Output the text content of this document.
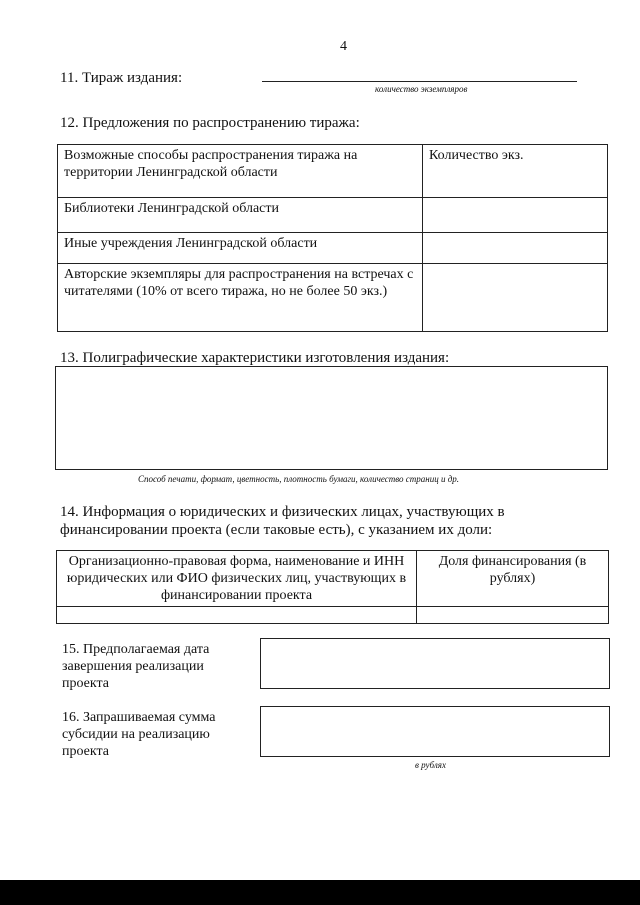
4
11. Тираж издания:
количество экземпляров
12. Предложения по распространению тиража:
Возможные способы распространения тиража на территории Ленинградской области	Количество экз.
Библиотеки Ленинградской области	
Иные учреждения Ленинградской области	
Авторские экземпляры для распространения на встречах с читателями (10% от всего тиража, но не более 50 экз.)	
13. Полиграфические характеристики изготовления издания:
Способ печати, формат, цветность, плотность бумаги, количество страниц и др.
14. Информация о юридических и физических лицах, участвующих в финансировании проекта (если таковые есть), с указанием их доли:
Организационно-правовая форма, наименование и ИНН юридических или ФИО физических лиц, участвующих в финансировании проекта	Доля финансирования (в рублях)

15. Предполагаемая дата завершения реализации проекта
16. Запрашиваемая сумма субсидии на реализацию проекта
в рублях
